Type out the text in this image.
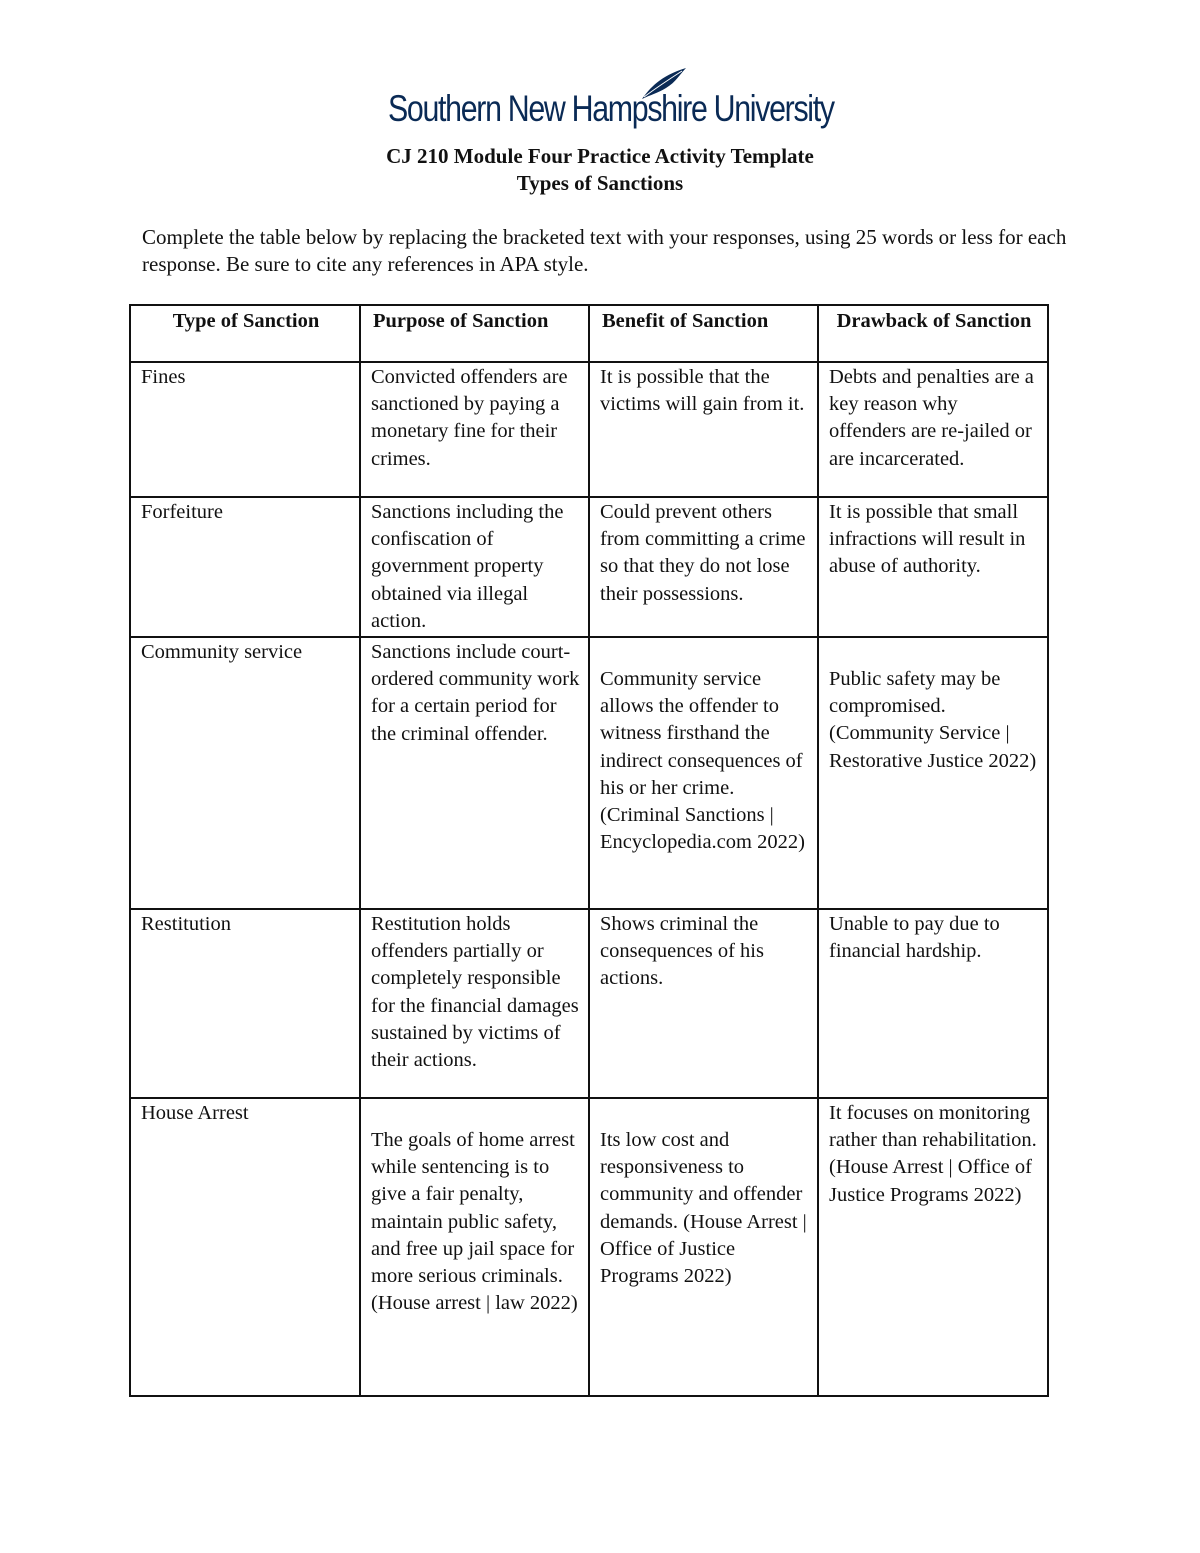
Southern New Hampshire University
CJ 210 Module Four Practice Activity Template
Types of Sanctions
Complete the table below by replacing the bracketed text with your responses, using 25 words or less for each response. Be sure to cite any references in APA style.
Type of Sanction	Purpose of Sanction	Benefit of Sanction	Drawback of Sanction
Fines	Convicted offenders are sanctioned by paying a monetary fine for their crimes.	It is possible that the victims will gain from it.	Debts and penalties are a key reason why offenders are re-jailed or are incarcerated.
Forfeiture	Sanctions including the confiscation of government property obtained via illegal action.	Could prevent others from committing a crime so that they do not lose their possessions.	It is possible that small infractions will result in abuse of authority.
Community service	Sanctions include court-ordered community work for a certain period for the criminal offender.	Community service allows the offender to witness firsthand the indirect consequences of his or her crime. (Criminal Sanctions | Encyclopedia.com 2022)	Public safety may be compromised. (Community Service | Restorative Justice 2022)
Restitution	Restitution holds offenders partially or completely responsible for the financial damages sustained by victims of their actions.	Shows criminal the consequences of his actions.	Unable to pay due to financial hardship.
House Arrest	The goals of home arrest while sentencing is to give a fair penalty, maintain public safety, and free up jail space for more serious criminals. (House arrest | law 2022)	Its low cost and responsiveness to community and offender demands. (House Arrest | Office of Justice Programs 2022)	It focuses on monitoring rather than rehabilitation. (House Arrest | Office of Justice Programs 2022)
